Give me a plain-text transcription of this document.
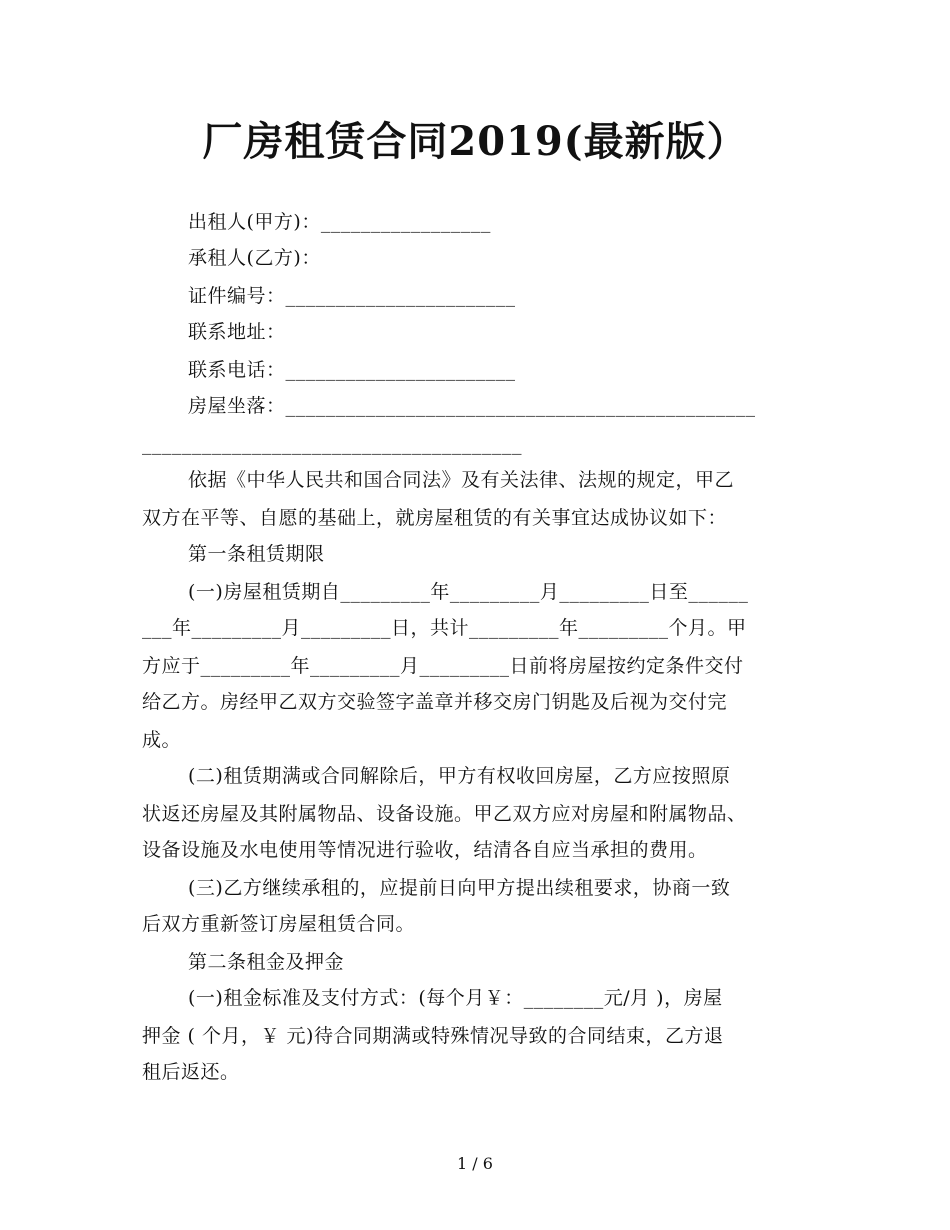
厂房租赁合同2019(最新版）
出租人(甲方)：_________________
承租人(乙方)：
证件编号：_______________________
联系地址：
联系电话：_______________________
房屋坐落：_______________________________________________
______________________________________
依据《中华人民共和国合同法》及有关法律、法规的规定，甲乙
双方在平等、自愿的基础上，就房屋租赁的有关事宜达成协议如下：
第一条租赁期限
(一)房屋租赁期自_________年_________月_________日至______
___年_________月_________日，共计_________年_________个月。甲
方应于_________年_________月_________日前将房屋按约定条件交付
给乙方。房经甲乙双方交验签字盖章并移交房门钥匙及后视为交付完
成。
(二)租赁期满或合同解除后，甲方有权收回房屋，乙方应按照原
状返还房屋及其附属物品、设备设施。甲乙双方应对房屋和附属物品、
设备设施及水电使用等情况进行验收，结清各自应当承担的费用。
(三)乙方继续承租的，应提前日向甲方提出续租要求，协商一致
后双方重新签订房屋租赁合同。
第二条租金及押金
(一)租金标准及支付方式：(每个月￥：________元/月 )，房屋
押金 ( 个月，￥ 元)待合同期满或特殊情况导致的合同结束，乙方退
租后返还。
1 / 6
